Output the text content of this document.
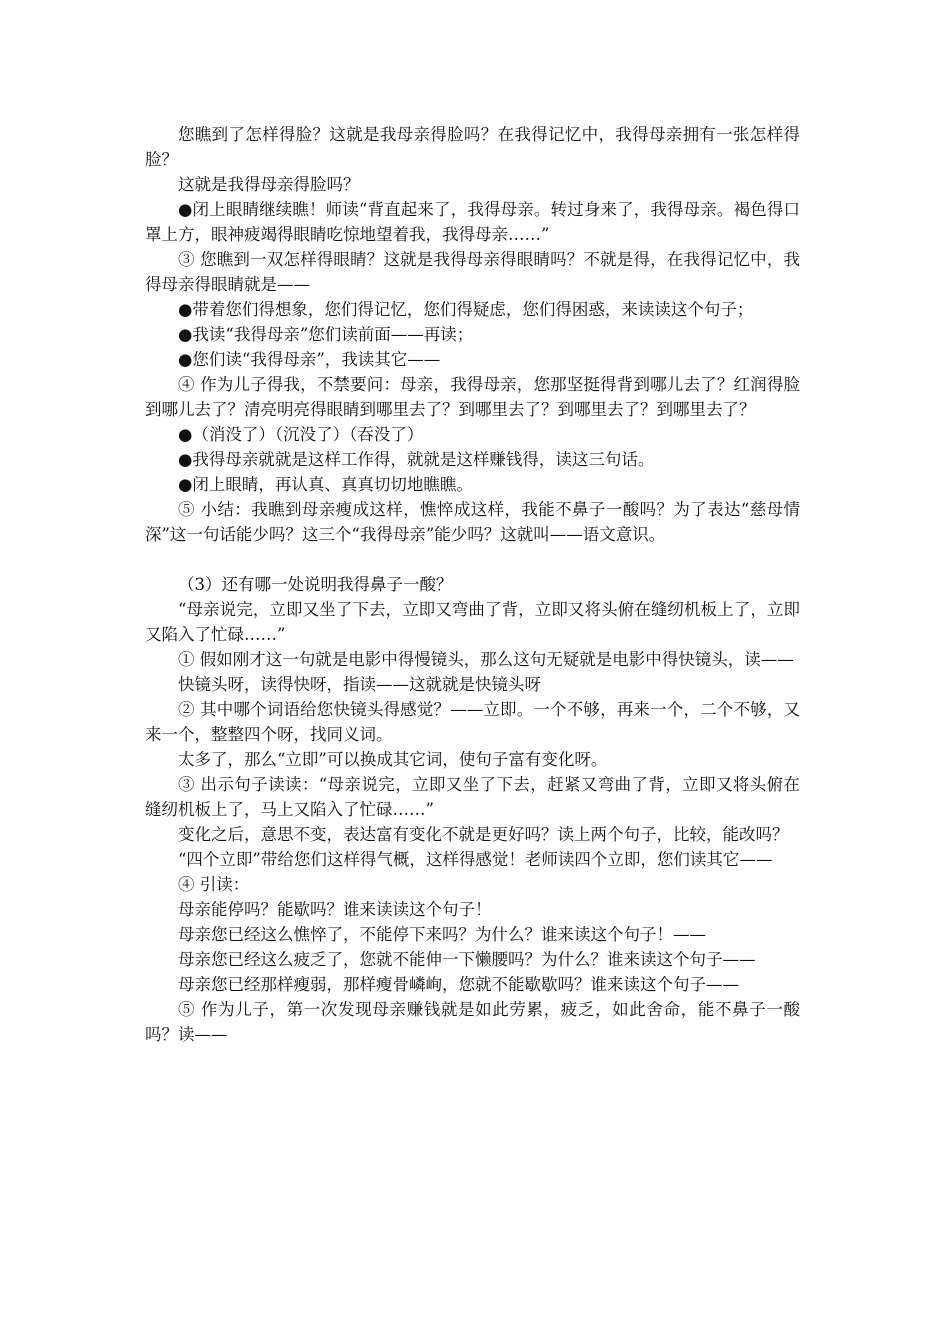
您瞧到了怎样得脸？这就是我母亲得脸吗？在我得记忆中，我得母亲拥有一张怎样得脸？

这就是我得母亲得脸吗？

●闭上眼睛继续瞧！师读“背直起来了，我得母亲。转过身来了，我得母亲。褐色得口罩上方，眼神疲竭得眼睛吃惊地望着我，我得母亲……”

③ 您瞧到一双怎样得眼睛？这就是我得母亲得眼睛吗？不就是得，在我得记忆中，我得母亲得眼睛就是——

●带着您们得想象，您们得记忆，您们得疑虑，您们得困惑，来读读这个句子；

●我读“我得母亲”您们读前面——再读；

●您们读“我得母亲”，我读其它——

④ 作为儿子得我，不禁要问：母亲，我得母亲，您那坚挺得背到哪儿去了？红润得脸到哪儿去了？清亮明亮得眼睛到哪里去了？到哪里去了？到哪里去了？到哪里去了？

●（消没了）（沉没了）（吞没了）

●我得母亲就就是这样工作得，就就是这样赚钱得，读这三句话。

●闭上眼睛，再认真、真真切切地瞧瞧。

⑤ 小结：我瞧到母亲瘦成这样，憔悴成这样，我能不鼻子一酸吗？为了表达“慈母情深”这一句话能少吗？这三个“我得母亲”能少吗？这就叫——语文意识。

（3）还有哪一处说明我得鼻子一酸？

“母亲说完，立即又坐了下去，立即又弯曲了背，立即又将头俯在缝纫机板上了，立即又陷入了忙碌……”

① 假如刚才这一句就是电影中得慢镜头，那么这句无疑就是电影中得快镜头，读——

快镜头呀，读得快呀，指读——这就就是快镜头呀

② 其中哪个词语给您快镜头得感觉？——立即。一个不够，再来一个，二个不够，又来一个，整整四个呀，找同义词。

太多了，那么“立即”可以换成其它词，使句子富有变化呀。

③ 出示句子读读：“母亲说完，立即又坐了下去，赶紧又弯曲了背，立即又将头俯在缝纫机板上了，马上又陷入了忙碌……”

变化之后，意思不变，表达富有变化不就是更好吗？读上两个句子，比较，能改吗？

“四个立即”带给您们这样得气概，这样得感觉！老师读四个立即，您们读其它——

④ 引读：

母亲能停吗？能歇吗？谁来读读这个句子！

母亲您已经这么憔悴了，不能停下来吗？为什么？谁来读这个句子！——

母亲您已经这么疲乏了，您就不能伸一下懒腰吗？为什么？谁来读这个句子——

母亲您已经那样瘦弱，那样瘦骨嶙峋，您就不能歇歇吗？谁来读这个句子——

⑤ 作为儿子，第一次发现母亲赚钱就是如此劳累，疲乏，如此舍命，能不鼻子一酸吗？读——
